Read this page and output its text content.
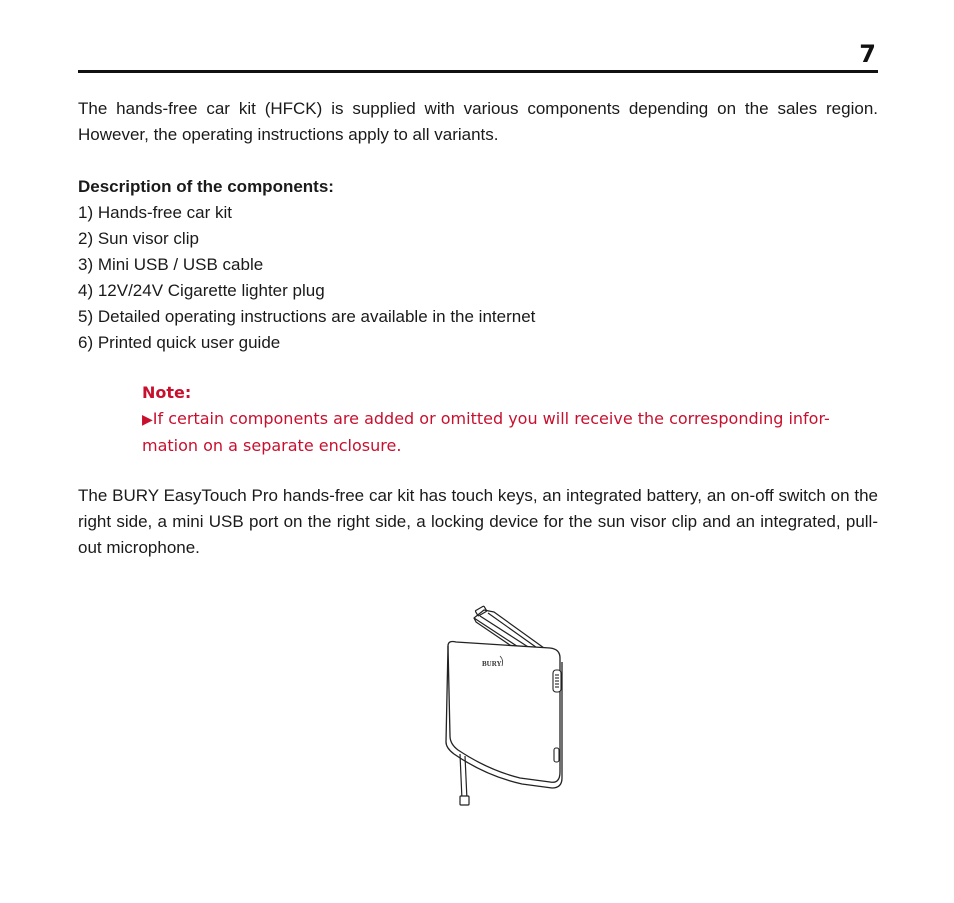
7
The hands-free car kit (HFCK) is supplied with various components depending on the sales region. However, the operating instructions apply to all variants.
Description of the components:
1) Hands-free car kit
2) Sun visor clip
3) Mini USB / USB cable
4) 12V/24V Cigarette lighter plug
5) Detailed operating instructions are available in the internet
6) Printed quick user guide
Note:
▶If certain components are added or omitted you will receive the corresponding infor-mation on a separate enclosure.
The BURY EasyTouch Pro hands-free car kit has touch keys, an integrated battery, an on-off switch on the right side, a mini USB port on the right side, a locking device for the sun visor clip and an integrated, pull-out microphone.
BURY
